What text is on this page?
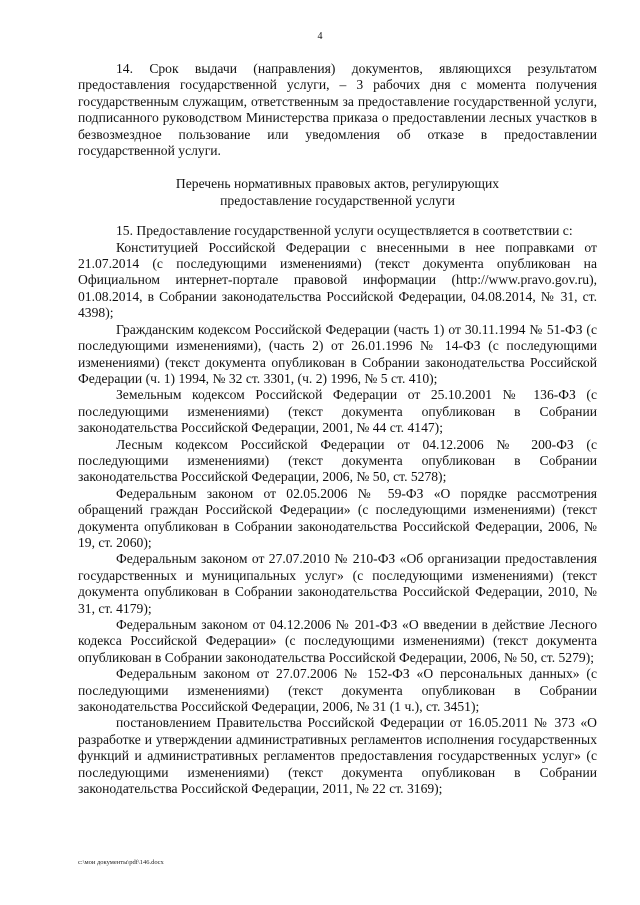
4

14. Срок выдачи (направления) документов, являющихся результатом предоставления государственной услуги, – 3 рабочих дня с момента получения государственным служащим, ответственным за предоставление государственной услуги, подписанного руководством Министерства приказа о предоставлении лесных участков в безвозмездное пользование или уведомления об отказе в предоставлении государственной услуги.

Перечень нормативных правовых актов, регулирующих

предоставление государственной услуги

15. Предоставление государственной услуги осуществляется в соответствии с:

Конституцией Российской Федерации с внесенными в нее поправками от 21.07.2014 (с последующими изменениями) (текст документа опубликован на Официальном интернет-портале правовой информации (http://www.pravo.gov.ru), 01.08.2014, в Собрании законодательства Российской Федерации, 04.08.2014, № 31, ст. 4398);

Гражданским кодексом Российской Федерации (часть 1) от 30.11.1994 № 51-ФЗ (с последующими изменениями), (часть 2) от 26.01.1996 № 14-ФЗ (с последующими изменениями) (текст документа опубликован в Собрании законодательства Российской Федерации (ч. 1) 1994, № 32 ст. 3301, (ч. 2) 1996, № 5 ст. 410);

Земельным кодексом Российской Федерации от 25.10.2001 № 136-ФЗ (с последующими изменениями) (текст документа опубликован в Собрании законодательства Российской Федерации, 2001, № 44 ст. 4147);

Лесным кодексом Российской Федерации от 04.12.2006 № 200-ФЗ (с последующими изменениями) (текст документа опубликован в Собрании законодательства Российской Федерации, 2006, № 50, ст. 5278);

Федеральным законом от 02.05.2006 № 59-ФЗ «О порядке рассмотрения обращений граждан Российской Федерации» (с последующими изменениями) (текст документа опубликован в Собрании законодательства Российской Федерации, 2006, № 19, ст. 2060);

Федеральным законом от 27.07.2010 № 210-ФЗ «Об организации предоставления государственных и муниципальных услуг» (с последующими изменениями) (текст документа опубликован в Собрании законодательства Российской Федерации, 2010, № 31, ст. 4179);

Федеральным законом от 04.12.2006 № 201-ФЗ «О введении в действие Лесного кодекса Российской Федерации» (с последующими изменениями) (текст документа опубликован в Собрании законодательства Российской Федерации, 2006, № 50, ст. 5279);

Федеральным законом от 27.07.2006 № 152-ФЗ «О персональных данных» (с последующими изменениями) (текст документа опубликован в Собрании законодательства Российской Федерации, 2006, № 31 (1 ч.), ст. 3451);

постановлением Правительства Российской Федерации от 16.05.2011 № 373 «О разработке и утверждении административных регламентов исполнения государственных функций и административных регламентов предоставления государственных услуг» (с последующими изменениями) (текст документа опубликован в Собрании законодательства Российской Федерации, 2011, № 22 ст. 3169);

c:\мои документы\pdf\146.docx
